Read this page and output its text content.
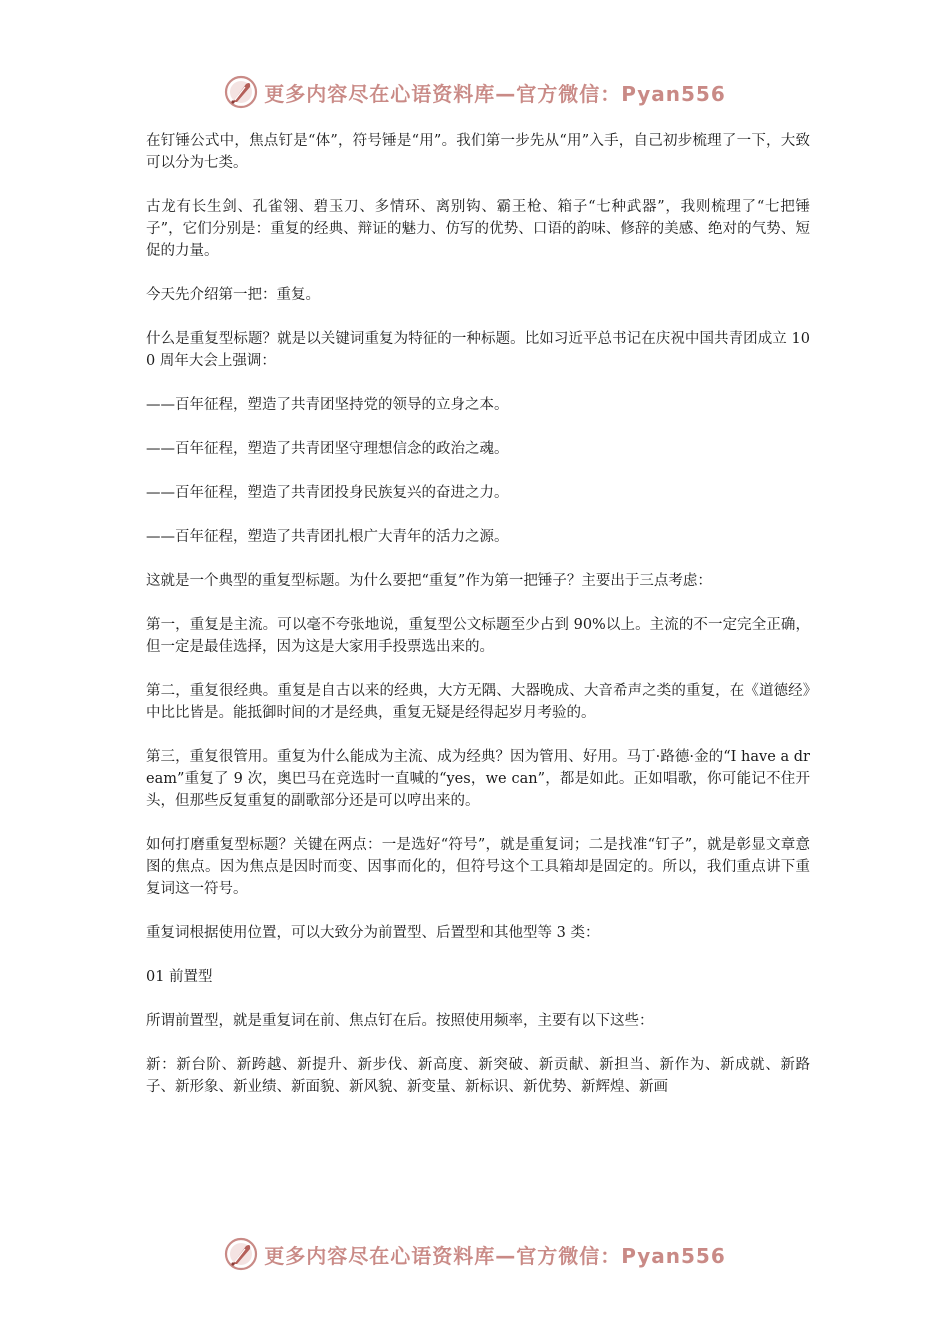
更多内容尽在心语资料库—官方微信：Pyan556

在钉锤公式中，焦点钉是“体”，符号锤是“用”。我们第一步先从“用”入手，自己初步梳理了一下，大致可以分为七类。

古龙有长生剑、孔雀翎、碧玉刀、多情环、离别钩、霸王枪、箱子“七种武器”，我则梳理了“七把锤子”，它们分别是：重复的经典、辩证的魅力、仿写的优势、口语的韵味、修辞的美感、绝对的气势、短促的力量。

今天先介绍第一把：重复。

什么是重复型标题？就是以关键词重复为特征的一种标题。比如习近平总书记在庆祝中国共青团成立 100 周年大会上强调：

——百年征程，塑造了共青团坚持党的领导的立身之本。

——百年征程，塑造了共青团坚守理想信念的政治之魂。

——百年征程，塑造了共青团投身民族复兴的奋进之力。

——百年征程，塑造了共青团扎根广大青年的活力之源。

这就是一个典型的重复型标题。为什么要把“重复”作为第一把锤子？主要出于三点考虑：

第一，重复是主流。可以毫不夸张地说，重复型公文标题至少占到 90%以上。主流的不一定完全正确，但一定是最佳选择，因为这是大家用手投票选出来的。

第二，重复很经典。重复是自古以来的经典，大方无隅、大器晚成、大音希声之类的重复，在《道德经》中比比皆是。能抵御时间的才是经典，重复无疑是经得起岁月考验的。

第三，重复很管用。重复为什么能成为主流、成为经典？因为管用、好用。马丁·路德·金的“I have a dream”重复了 9 次，奥巴马在竞选时一直喊的“yes，we can”，都是如此。正如唱歌，你可能记不住开头，但那些反复重复的副歌部分还是可以哼出来的。

如何打磨重复型标题？关键在两点：一是选好“符号”，就是重复词；二是找准“钉子”，就是彰显文章意图的焦点。因为焦点是因时而变、因事而化的，但符号这个工具箱却是固定的。所以，我们重点讲下重复词这一符号。

重复词根据使用位置，可以大致分为前置型、后置型和其他型等 3 类：

01 前置型

所谓前置型，就是重复词在前、焦点钉在后。按照使用频率，主要有以下这些：

新：新台阶、新跨越、新提升、新步伐、新高度、新突破、新贡献、新担当、新作为、新成就、新路子、新形象、新业绩、新面貌、新风貌、新变量、新标识、新优势、新辉煌、新画

更多内容尽在心语资料库—官方微信：Pyan556
